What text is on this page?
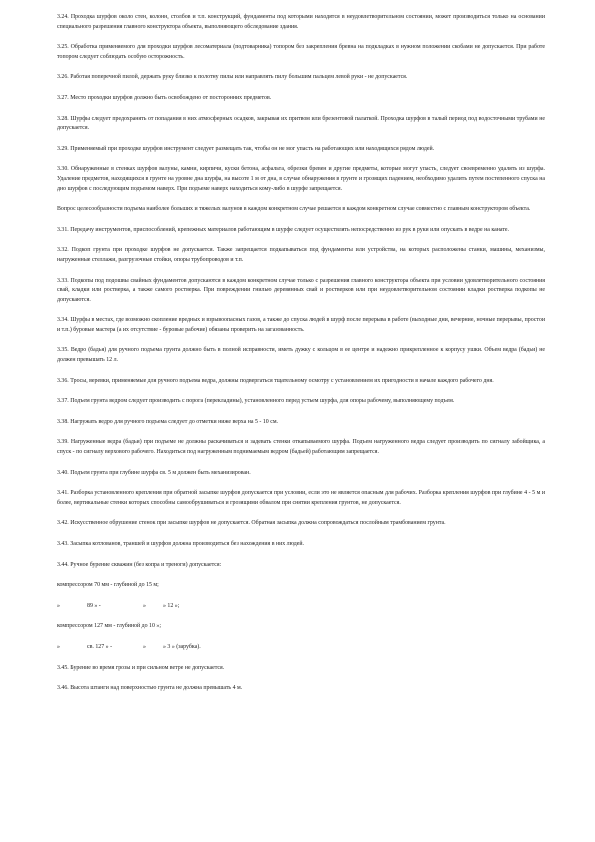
3.24. Проходка шурфов около стен, колонн, столбов и т.п. конструкций, фундаменты под которыми находятся в неудовлетворительном состоянии, может производиться только на основании специального разрешения главного конструктора объекта, выполняющего обследование здания.

3.25. Обработка применяемого для проходки шурфов лесоматериала (подтоварника) топором без закрепления бревна на подкладках в нужном положении скобами не допускается. При работе топором следует соблюдать особую осторожность.

3.26. Работая поперечной пилой, держать руку близко к полотну пилы или направлять пилу большим пальцем левой руки - не допускается.

3.27. Место проходки шурфов должно быть освобождено от посторонних предметов.

3.28. Шурфы следует предохранять от попадания в них атмосферных осадков, закрывая их притвом или брезентовой палаткой. Проходка шурфов в талый период под водосточными трубами не допускается.

3.29. Применяемый при проходке шурфов инструмент следует размещать так, чтобы он не мог упасть на работающих или находящихся рядом людей.

3.30. Обнаруженные в стенках шурфов валуны, камни, кирпичи, куски бетона, асфальта, обрезки бревен и другие предметы, которые могут упасть, следует своевременно удалять из шурфа. Удаление предметов, находящихся в грунте на уровне дна шурфа, на высоте 1 м от дна, в случае обнаружения в грунте и грозящих падением, необходимо удалить путем постепенного спуска на дно шурфов с последующим подъемом наверх. При подъеме наверх находиться кому-либо в шурфе запрещается.

Вопрос целесообразности подъема наиболее больших и тяжелых валунов в каждом конкретном случае решается в каждом конкретном случае совместно с главным конструктором объекта.

3.31. Передачу инструментов, приспособлений, крепежных материалов работающим в шурфе следует осуществлять непосредственно из рук в руки или опускать в ведре на канате.

3.32. Подкоп грунта при проходке шурфов не допускается. Также запрещается подкапываться под фундаменты или устройства, на которых расположены станки, машины, механизмы, нагруженные стеллажи, разгрузочные стойки, опоры трубопроводов и т.п.

3.33. Подкопы под подошвы свайных фундаментов допускаются в каждом конкретном случае только с разрешения главного конструктора объекта при условии удовлетворительного состояния свай, кладки или ростверка, а также самого ростверка. При повреждении гнилью деревянных свай и ростверков или при неудовлетворительном состоянии кладки ростверка подкопы не допускаются.

3.34. Шурфы в местах, где возможно скопление вредных и взрывоопасных газов, а также до спуска людей в шурф после перерыва в работе (выходные дни, вечерние, ночные перерывы, простои и т.п.) буровые мастера (а их отсутствие - буровые рабочие) обязаны проверить на загазованность.

3.35. Ведро (бадья) для ручного подъема грунта должно быть в полной исправности, иметь дужку с кольцом в ее центре и надежно прикрепленное к корпусу ушки. Объем ведра (бадьи) не должен превышать 12 л.

3.36. Тросы, веревки, применяемые для ручного подъема ведра, должны подвергаться тщательному осмотру с установлением их пригодности в начале каждого рабочего дня.

3.37. Подъем грунта ведром следует производить с порога (перекладины), установленного перед устьем шурфа, для опоры рабочему, выполняющему подъем.

3.38. Нагружать ведро для ручного подъема следует до отметки ниже верха на 5 - 10 см.

3.39. Нагруженные ведра (бадьи) при подъеме не должны раскачиваться и задевать стенки откапываемого шурфа. Подъем нагруженного ведра следует производить по сигналу забойщика, а спуск - по сигналу верхового рабочего. Находиться под нагруженным поднимаемым ведром (бадьей) работающим запрещается.

3.40. Подъем грунта при глубине шурфа св. 5 м должен быть механизирован.

3.41. Разборка установленного крепления при обратной засыпке шурфов допускается при условии, если это не является опасным для рабочих. Разборка крепления шурфов при глубине 4 - 5 м и более, вертикальные стенки которых способны самообрушиваться и грозящими обвалом при снятии крепления грунтов, не допускается.

3.42. Искусственное обрушение стенок при засыпке шурфов не допускается. Обратная засыпка должна сопровождаться послойным трамбованием грунта.

3.43. Засыпка котлованов, траншей и шурфов должна производиться без нахождения в них людей.

3.44. Ручное бурение скважин (без копра и треноги) допускается:

компрессором 70 мм - глубиной до 15 м;
»	89 » -	»	» 12 »;
компрессором 127 мм - глубиной до 10 »;
»	св. 127 » -	»	» 3 » (зарубка).

3.45. Бурение во время грозы и при сильном ветре не допускается.

3.46. Высота штанги над поверхностью грунта не должна превышать 4 м.
